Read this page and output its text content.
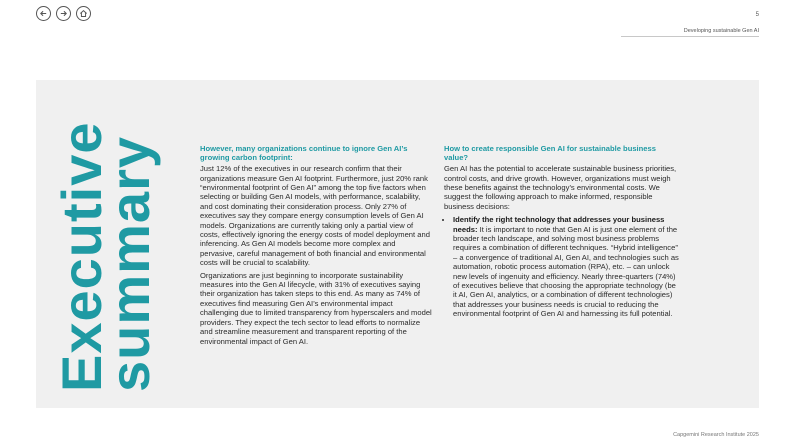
5
Developing sustainable Gen AI
Executive
summary	However, many organizations continue to ignore Gen AI’s growing carbon footprint:

Just 12% of the executives in our research confirm that their organizations measure Gen AI footprint. Furthermore, just 20% rank “environmental footprint of Gen AI” among the top five factors when selecting or building Gen AI models, with performance, scalability, and cost dominating their consideration process. Only 27% of executives say they compare energy consumption levels of Gen AI models. Organizations are currently taking only a partial view of costs, effectively ignoring the energy costs of model deployment and inferencing. As Gen AI models become more complex and pervasive, careful management of both financial and environmental costs will be crucial to scalability.

Organizations are just beginning to incorporate sustainability measures into the Gen AI lifecycle, with 31% of executives saying their organization has taken steps to this end. As many as 74% of executives find measuring Gen AI’s environmental impact challenging due to limited transparency from hyperscalers and model providers. They expect the tech sector to lead efforts to normalize and streamline measurement and transparent reporting of the environmental impact of Gen AI.

How to create responsible Gen AI for sustainable business value?

Gen AI has the potential to accelerate sustainable business priorities, control costs, and drive growth. However, organizations must weigh these benefits against the technology’s environmental costs. We suggest the following approach to make informed, responsible business decisions:

• Identify the right technology that addresses your business needs: It is important to note that Gen AI is just one element of the broader tech landscape, and solving most business problems requires a combination of different techniques. “Hybrid intelligence” – a convergence of traditional AI, Gen AI, and technologies such as automation, robotic process automation (RPA), etc. – can unlock new levels of ingenuity and efficiency. Nearly three-quarters (74%) of executives believe that choosing the appropriate technology (be it AI, Gen AI, analytics, or a combination of different technologies) that addresses your business needs is crucial to reducing the environmental footprint of Gen AI and harnessing its full potential.
Capgemini Research Institute 2025
